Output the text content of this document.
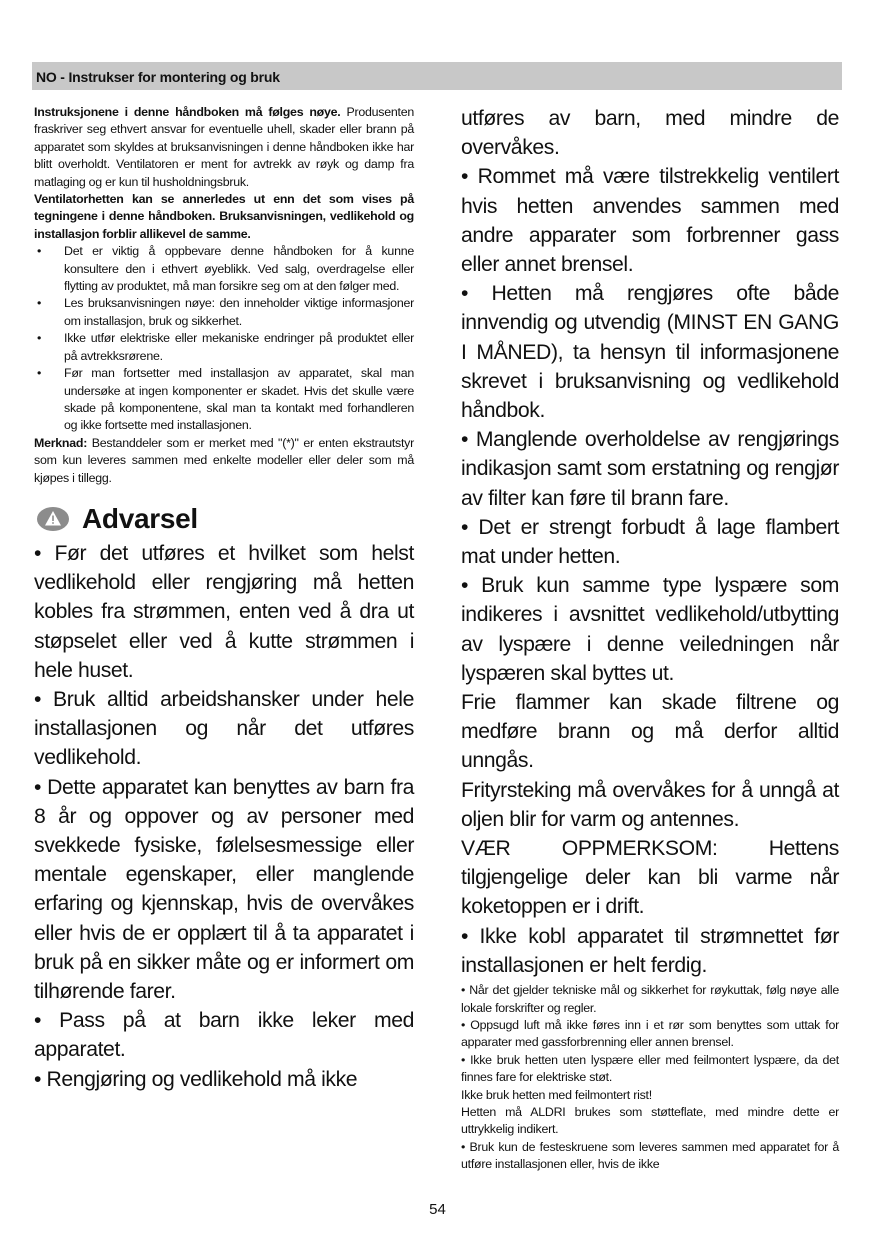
NO - Instrukser for montering og bruk

Instruksjonene i denne håndboken må følges nøye. Produsenten fraskriver seg ethvert ansvar for eventuelle uhell, skader eller brann på apparatet som skyldes at bruksanvisningen i denne håndboken ikke har blitt overholdt. Ventilatoren er ment for avtrekk av røyk og damp fra matlaging og er kun til husholdningsbruk.

Ventilatorhetten kan se annerledes ut enn det som vises på tegningene i denne håndboken. Bruksanvisningen, vedlikehold og installasjon forblir allikevel de samme.

• Det er viktig å oppbevare denne håndboken for å kunne konsultere den i ethvert øyeblikk. Ved salg, overdragelse eller flytting av produktet, må man forsikre seg om at den følger med.
• Les bruksanvisningen nøye: den inneholder viktige informasjoner om installasjon, bruk og sikkerhet.
• Ikke utfør elektriske eller mekaniske endringer på produktet eller på avtrekksrørene.
• Før man fortsetter med installasjon av apparatet, skal man undersøke at ingen komponenter er skadet. Hvis det skulle være skade på komponentene, skal man ta kontakt med forhandleren og ikke fortsette med installasjonen.

Merknad: Bestanddeler som er merket med "(*)" er enten ekstrautstyr som kun leveres sammen med enkelte modeller eller deler som må kjøpes i tillegg.

Advarsel

• Før det utføres et hvilket som helst vedlikehold eller rengjøring må hetten kobles fra strømmen, enten ved å dra ut støpselet eller ved å kutte strømmen i hele huset.

• Bruk alltid arbeidshansker under hele installasjonen og når det utføres vedlikehold.

• Dette apparatet kan benyttes av barn fra 8 år og oppover og av personer med svekkede fysiske, følelsesmessige eller mentale egenskaper, eller manglende erfaring og kjennskap, hvis de overvåkes eller hvis de er opplært til å ta apparatet i bruk på en sikker måte og er informert om tilhørende farer.

• Pass på at barn ikke leker med apparatet.

• Rengjøring og vedlikehold må ikke

utføres av barn, med mindre de overvåkes.

• Rommet må være tilstrekkelig ventilert hvis hetten anvendes sammen med andre apparater som forbrenner gass eller annet brensel.

• Hetten må rengjøres ofte både innvendig og utvendig (MINST EN GANG I MÅNED), ta hensyn til informasjonene skrevet i bruksanvisning og vedlikehold håndbok.

• Manglende overholdelse av rengjørings indikasjon samt som erstatning og rengjør av filter kan føre til brann fare.

• Det er strengt forbudt å lage flambert mat under hetten.

• Bruk kun samme type lyspære som indikeres i avsnittet vedlikehold/utbytting av lyspære i denne veiledningen når lyspæren skal byttes ut.

Frie flammer kan skade filtrene og medføre brann og må derfor alltid unngås.

Frityrsteking må overvåkes for å unngå at oljen blir for varm og antennes.

VÆR OPPMERKSOM: Hettens tilgjengelige deler kan bli varme når koketoppen er i drift.

• Ikke kobl apparatet til strømnettet før installasjonen er helt ferdig.

• Når det gjelder tekniske mål og sikkerhet for røykuttak, følg nøye alle lokale forskrifter og regler.

• Oppsugd luft må ikke føres inn i et rør som benyttes som uttak for apparater med gassforbrenning eller annen brensel.

• Ikke bruk hetten uten lyspære eller med feilmontert lyspære, da det finnes fare for elektriske støt.

Ikke bruk hetten med feilmontert rist!

Hetten må ALDRI brukes som støtteflate, med mindre dette er uttrykkelig indikert.

• Bruk kun de festeskruene som leveres sammen med apparatet for å utføre installasjonen eller, hvis de ikke

54
